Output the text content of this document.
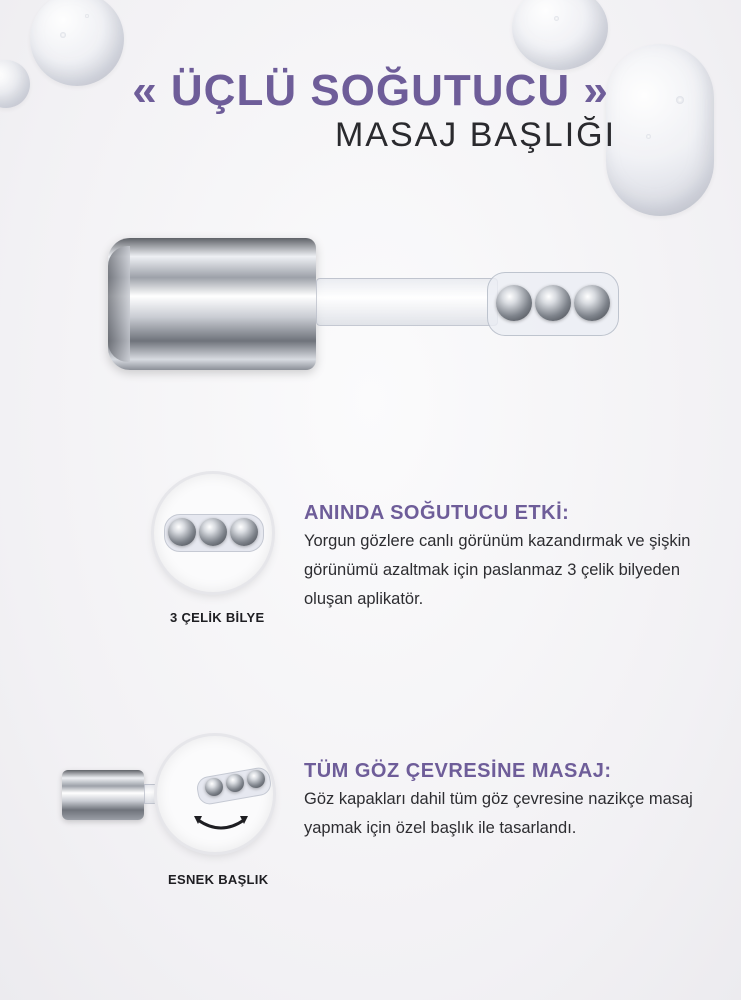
« ÜÇLÜ SOĞUTUCU »
MASAJ BAŞLIĞI
3 ÇELİK BİLYE
ANINDA SOĞUTUCU ETKİ:
Yorgun gözlere canlı görünüm kazandırmak ve şişkin görünümü azaltmak için paslanmaz 3 çelik bilyeden oluşan aplikatör.
ESNEK BAŞLIK
TÜM GÖZ ÇEVRESİNE MASAJ:
Göz kapakları dahil tüm göz çevresine nazikçe masaj yapmak için özel başlık ile tasarlandı.
